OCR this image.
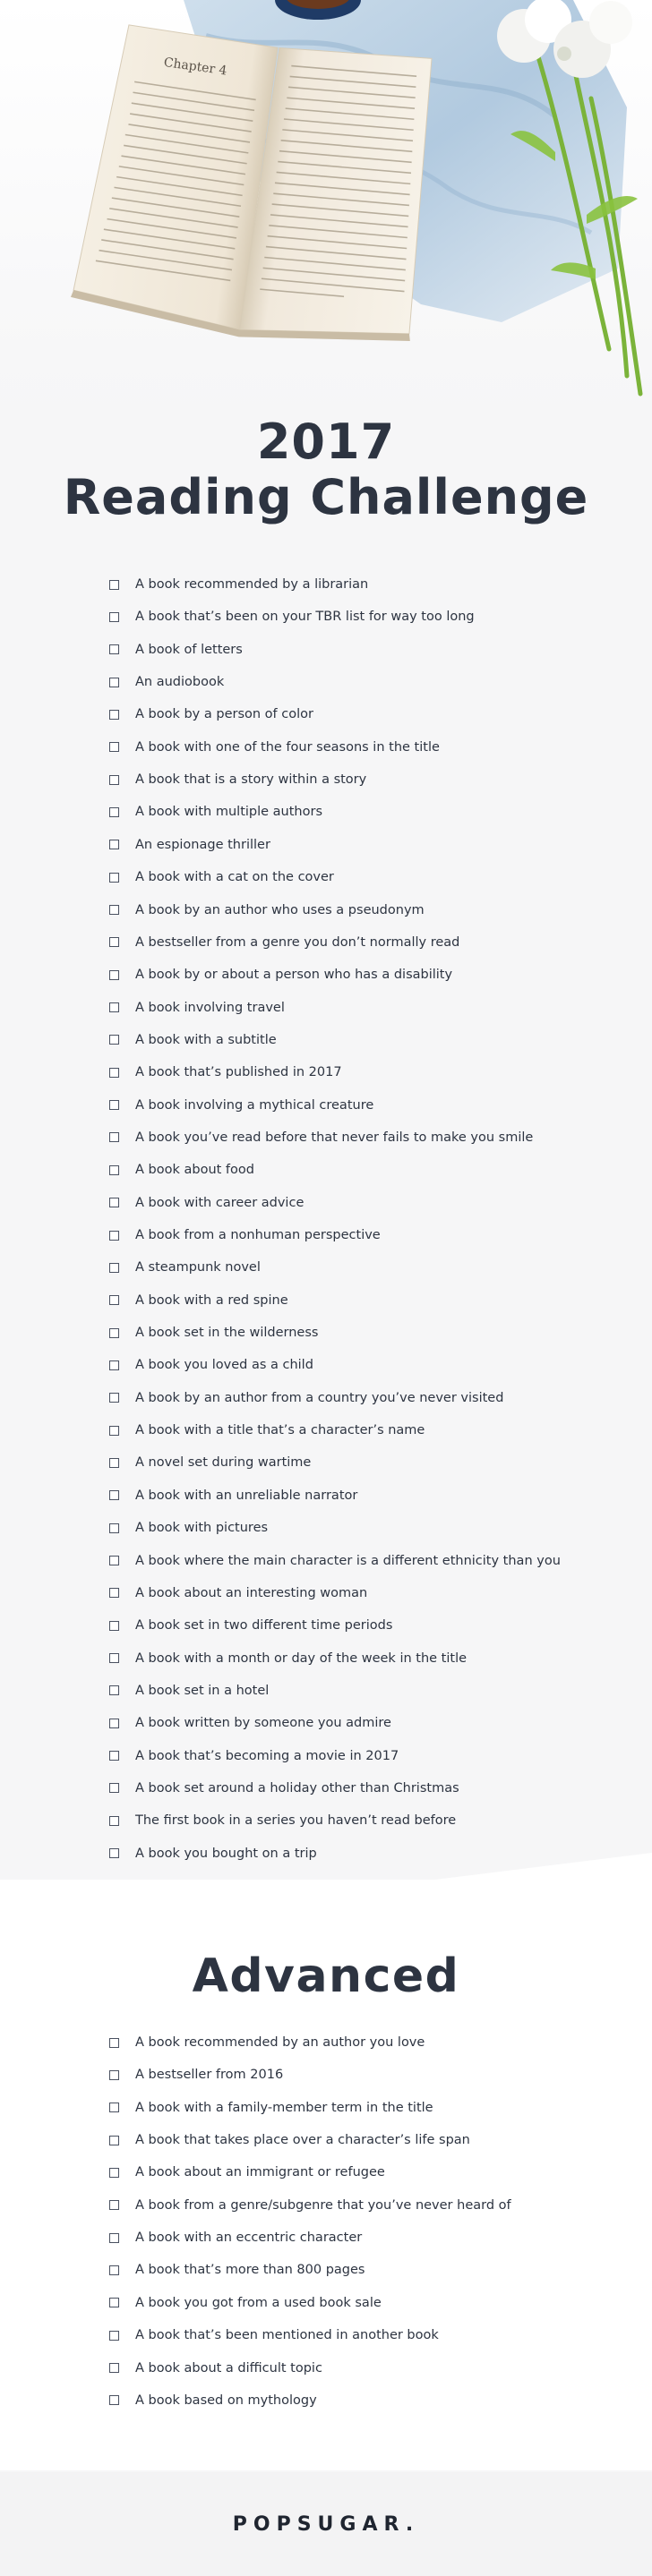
Chapter 4
2017
Reading Challenge
A book recommended by a librarian
A book that’s been on your TBR list for way too long
A book of letters
An audiobook
A book by a person of color
A book with one of the four seasons in the title
A book that is a story within a story
A book with multiple authors
An espionage thriller
A book with a cat on the cover
A book by an author who uses a pseudonym
A bestseller from a genre you don’t normally read
A book by or about a person who has a disability
A book involving travel
A book with a subtitle
A book that’s published in 2017
A book involving a mythical creature
A book you’ve read before that never fails to make you smile
A book about food
A book with career advice
A book from a nonhuman perspective
A steampunk novel
A book with a red spine
A book set in the wilderness
A book you loved as a child
A book by an author from a country you’ve never visited
A book with a title that’s a character’s name
A novel set during wartime
A book with an unreliable narrator
A book with pictures
A book where the main character is a different ethnicity than you
A book about an interesting woman
A book set in two different time periods
A book with a month or day of the week in the title
A book set in a hotel
A book written by someone you admire
A book that’s becoming a movie in 2017
A book set around a holiday other than Christmas
The first book in a series you haven’t read before
A book you bought on a trip
Advanced
A book recommended by an author you love
A bestseller from 2016
A book with a family-member term in the title
A book that takes place over a character’s life span
A book about an immigrant or refugee
A book from a genre/subgenre that you’ve never heard of
A book with an eccentric character
A book that’s more than 800 pages
A book you got from a used book sale
A book that’s been mentioned in another book
A book about a difficult topic
A book based on mythology
POPSUGAR.
